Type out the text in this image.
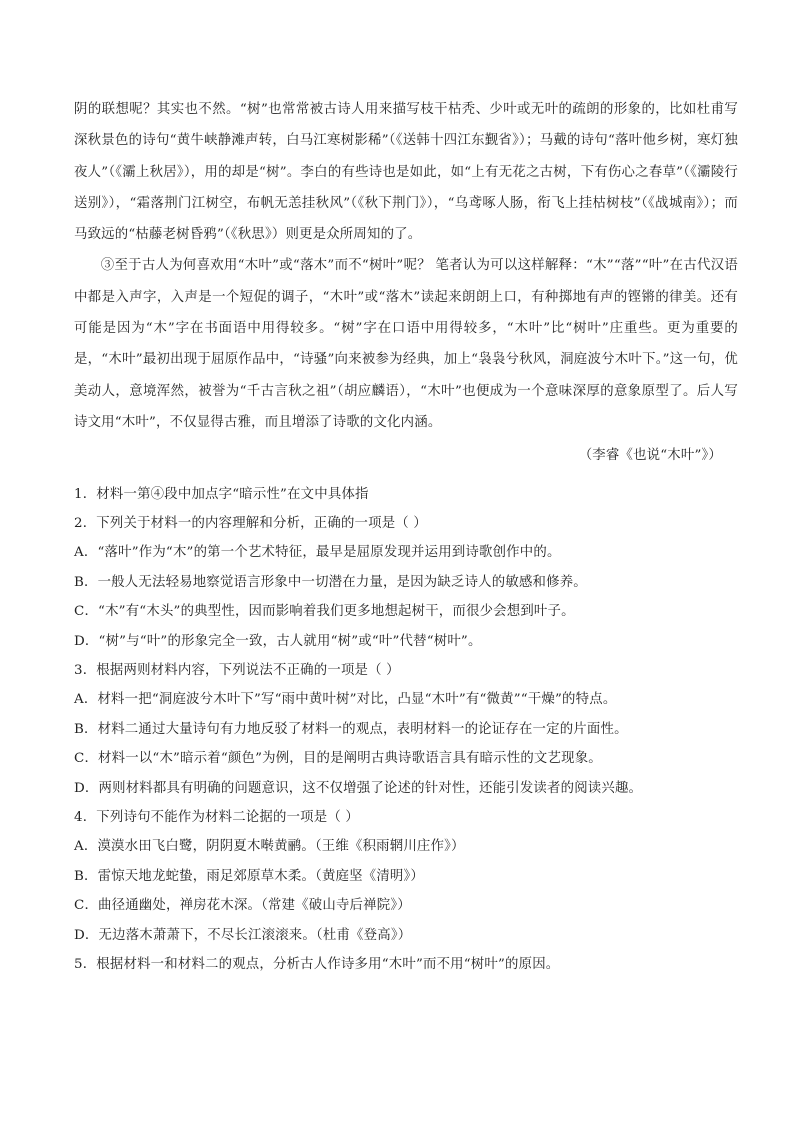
阴的联想呢？其实也不然。“树”也常常被古诗人用来描写枝干枯秃、少叶或无叶的疏朗的形象的，比如杜甫写深秋景色的诗句“黄牛峡静滩声转，白马江寒树影稀”（《送韩十四江东觐省》）；马戴的诗句“落叶他乡树，寒灯独夜人”（《灞上秋居》），用的却是“树”。李白的有些诗也是如此，如“上有无花之古树，下有伤心之春草”（《灞陵行送别》），“霜落荆门江树空，布帆无恙挂秋风”（《秋下荆门》），“乌鸢啄人肠，衔飞上挂枯树枝”（《战城南》）；而马致远的“枯藤老树昏鸦”（《秋思》）则更是众所周知的了。

③至于古人为何喜欢用“木叶”或“落木”而不“树叶”呢？ 笔者认为可以这样解释：“木”“落”“叶”在古代汉语中都是入声字，入声是一个短促的调子，“木叶”或“落木”读起来朗朗上口，有种掷地有声的铿锵的律美。还有可能是因为“木”字在书面语中用得较多。“树”字在口语中用得较多，“木叶”比“树叶”庄重些。更为重要的是，“木叶”最初出现于屈原作品中，“诗骚”向来被参为经典，加上“袅袅兮秋风，洞庭波兮木叶下。”这一句，优美动人，意境浑然，被誉为“千古言秋之祖”（胡应麟语），“木叶”也便成为一个意味深厚的意象原型了。后人写诗文用“木叶”，不仅显得古雅，而且增添了诗歌的文化内涵。

（李睿《也说“木叶”》）

1．材料一第④段中加点字“暗示性”在文中具体指
2．下列关于材料一的内容理解和分析，正确的一项是（ ）
A．“落叶”作为“木”的第一个艺术特征，最早是屈原发现并运用到诗歌创作中的。
B．一般人无法轻易地察觉语言形象中一切潜在力量，是因为缺乏诗人的敏感和修养。
C．“木”有“木头”的典型性，因而影响着我们更多地想起树干，而很少会想到叶子。
D．“树”与“叶”的形象完全一致，古人就用“树”或“叶”代替“树叶”。
3．根据两则材料内容，下列说法不正确的一项是（ ）
A．材料一把“洞庭波兮木叶下”写“雨中黄叶树”对比，凸显“木叶”有“微黄”“干燥”的特点。
B．材料二通过大量诗句有力地反驳了材料一的观点，表明材料一的论证存在一定的片面性。
C．材料一以“木”暗示着“颜色”为例，目的是阐明古典诗歌语言具有暗示性的文艺现象。
D．两则材料都具有明确的问题意识，这不仅增强了论述的针对性，还能引发读者的阅读兴趣。
4．下列诗句不能作为材料二论据的一项是（ ）
A．漠漠水田飞白鹭，阴阴夏木啭黄鹂。（王维《积雨辋川庄作》）
B．雷惊天地龙蛇蛰，雨足郊原草木柔。（黄庭坚《清明》）
C．曲径通幽处，禅房花木深。（常建《破山寺后禅院》）
D．无边落木萧萧下，不尽长江滚滚来。（杜甫《登高》）
5．根据材料一和材料二的观点，分析古人作诗多用“木叶”而不用“树叶”的原因。
